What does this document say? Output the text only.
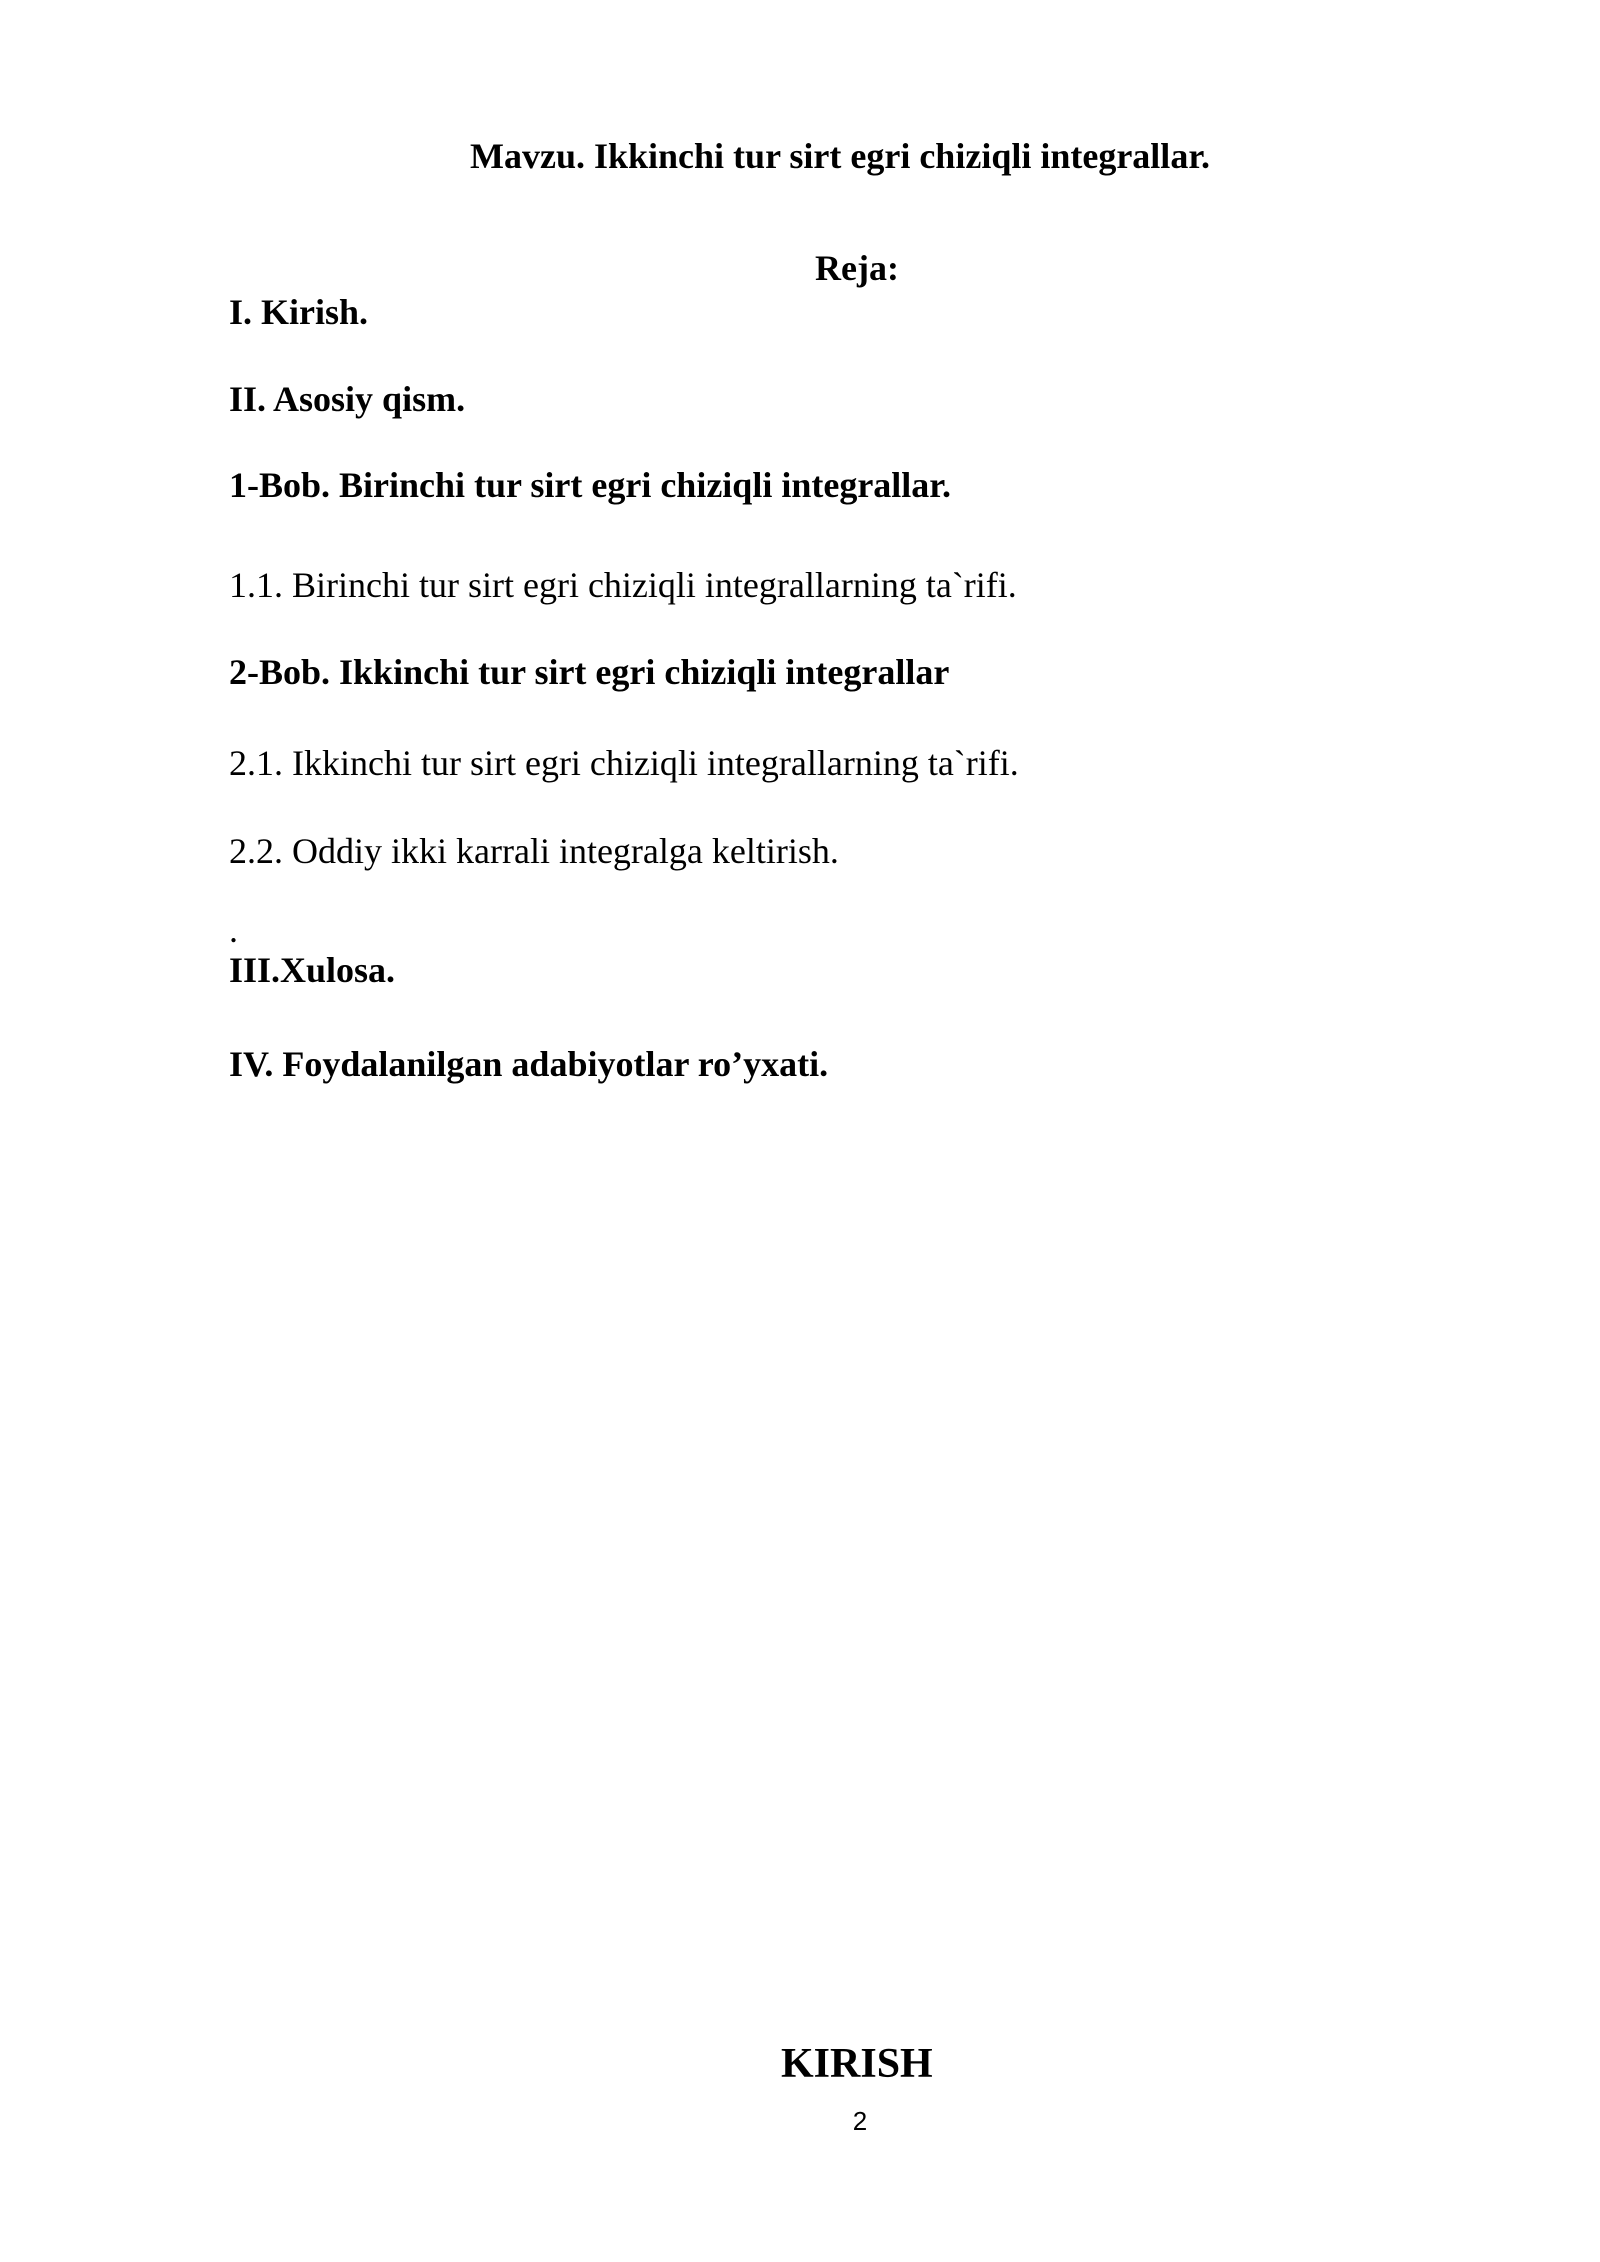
Mavzu. Ikkinchi tur sirt egri chiziqli integrallar.
Reja:
I. Kirish.
II. Asosiy qism.
1-Bob. Birinchi tur sirt egri chiziqli integrallar.
1.1. Birinchi tur sirt egri chiziqli integrallarning ta`rifi.
2-Bob. Ikkinchi tur sirt egri chiziqli integrallar
2.1. Ikkinchi tur sirt egri chiziqli integrallarning ta`rifi.
2.2. Oddiy ikki karrali integralga keltirish.
.
III.Xulosa.
IV. Foydalanilgan adabiyotlar ro’yxati.
KIRISH
2
